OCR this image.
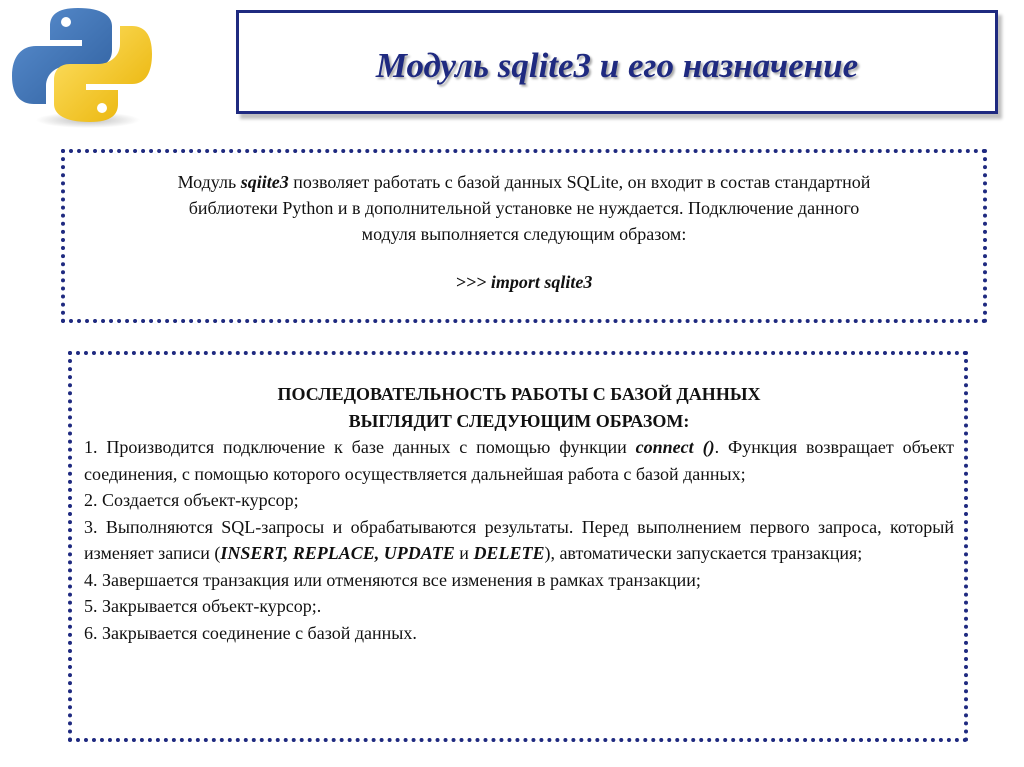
Модуль sqlite3 и его назначение
Модуль sqiite3 позволяет работать с базой данных SQLite, он входит в состав стандартной
библиотеки Python и в дополнительной установке не нуждается. Подключение данного
модуля выполняется следующим образом:
>>> import sqlite3
ПОСЛЕДОВАТЕЛЬНОСТЬ РАБОТЫ С БАЗОЙ ДАННЫХ
ВЫГЛЯДИТ СЛЕДУЮЩИМ ОБРАЗОМ:
1. Производится подключение к базе данных с помощью функции connect (). Функция возвращает объект соединения, с помощью которого осуществляется дальнейшая работа с базой данных;
2. Создается объект-курсор;
3. Выполняются SQL-запросы и обрабатываются результаты. Перед выполнением первого запроса, который изменяет записи (INSERT, REPLACE, UPDATE и DELETE), автоматически запускается транзакция;
4. Завершается транзакция или отменяются все изменения в рамках транзакции;
5. Закрывается объект-курсор;.
6. Закрывается соединение с базой данных.
